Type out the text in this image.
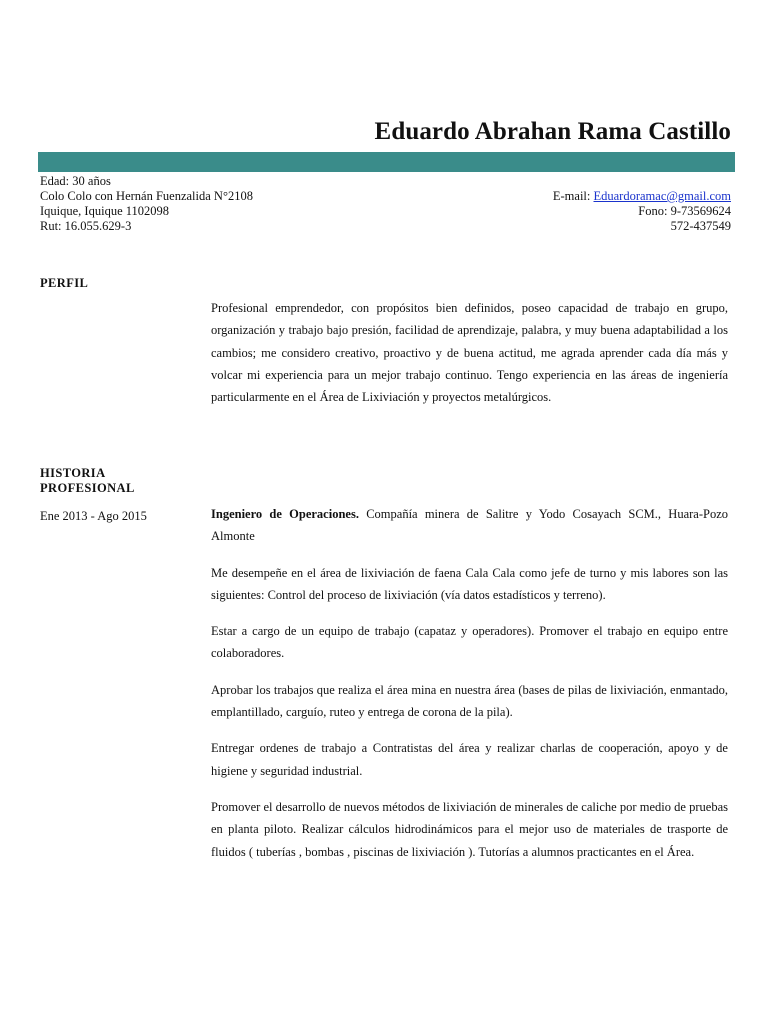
Eduardo Abrahan Rama Castillo
Edad: 30 años
Colo Colo con Hernán Fuenzalida N°2108
Iquique, Iquique 1102098
Rut: 16.055.629-3
E-mail: Eduardoramac@gmail.com
Fono: 9-73569624
572-437549
PERFIL
Profesional emprendedor, con propósitos bien definidos, poseo capacidad de trabajo en grupo, organización y trabajo bajo presión, facilidad de aprendizaje, palabra, y muy buena adaptabilidad a los cambios; me considero creativo, proactivo y de buena actitud, me agrada aprender cada día más y volcar mi experiencia para un mejor trabajo continuo. Tengo experiencia en las áreas de ingeniería particularmente en el Área de Lixiviación y proyectos metalúrgicos.
HISTORIA PROFESIONAL
Ene 2013 - Ago 2015	Ingeniero de Operaciones. Compañía minera de Salitre y Yodo Cosayach SCM., Huara-Pozo Almonte

Me desempeñe en el área de lixiviación de faena Cala Cala como jefe de turno y mis labores son las siguientes: Control del proceso de lixiviación (vía datos estadísticos y terreno).

Estar a cargo de un equipo de trabajo (capataz y operadores). Promover el trabajo en equipo entre colaboradores.

Aprobar los trabajos que realiza el área mina en nuestra área (bases de pilas de lixiviación, enmantado, emplantillado, carguío, ruteo y entrega de corona de la pila).

Entregar ordenes de trabajo a Contratistas del área y realizar charlas de cooperación, apoyo y de higiene y seguridad industrial.

Promover el desarrollo de nuevos métodos de lixiviación de minerales de caliche por medio de pruebas en planta piloto. Realizar cálculos hidrodinámicos para el mejor uso de materiales de trasporte de fluidos ( tuberías , bombas , piscinas de lixiviación ). Tutorías a alumnos practicantes en el Área.
